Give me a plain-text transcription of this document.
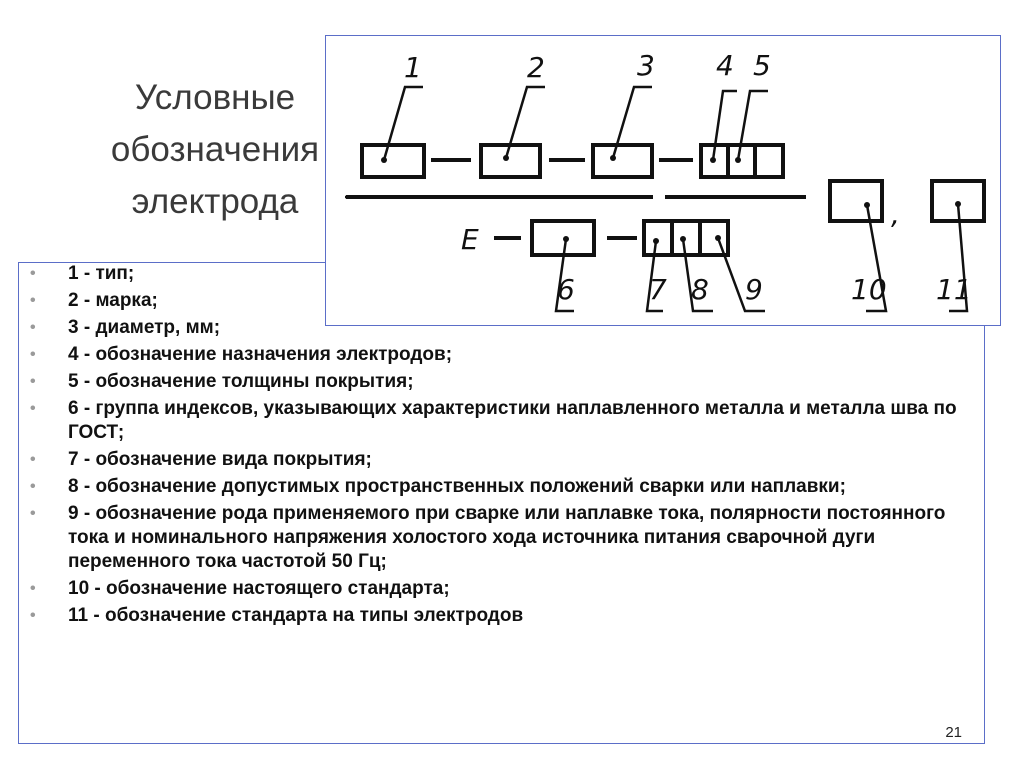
Условные
обозначения
электрода
• 1 - тип;
• 2 - марка;
• 3 - диаметр, мм;
• 4 - обозначение назначения электродов;
• 5 - обозначение толщины покрытия;
• 6 - группа индексов, указывающих характеристики наплавленного металла и металла шва по ГОСТ;
• 7 - обозначение вида покрытия;
• 8 - обозначение допустимых пространственных положений сварки или наплавки;
• 9 - обозначение рода применяемого при сварке или наплавке тока, полярности постоянного тока и номинального напряжения холостого хода источника питания сварочной дуги переменного тока частотой 50 Гц;
• 10 - обозначение настоящего стандарта;
• 11 - обозначение стандарта на типы электродов
21
1	2	3 4 5
E
,
6	7 8 9	10 11
